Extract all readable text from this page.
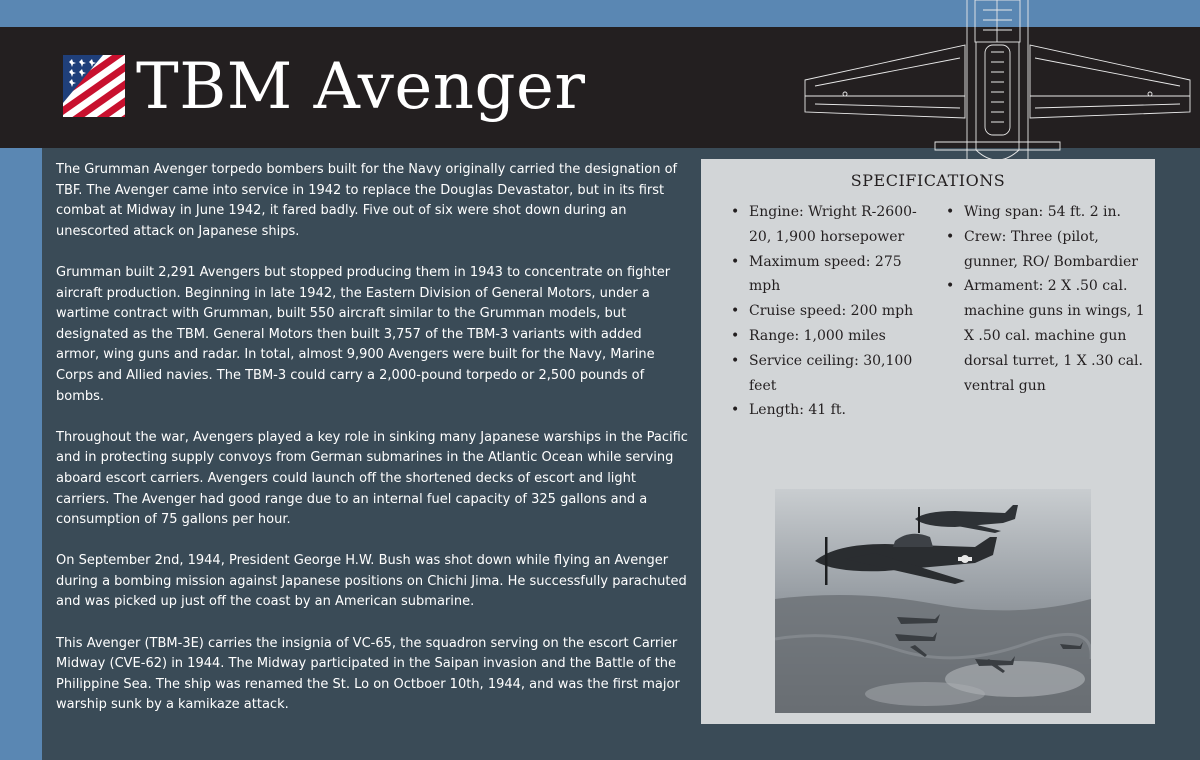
TBM Avenger

The Grumman Avenger torpedo bombers built for the Navy originally carried the designation of TBF. The Avenger came into service in 1942 to replace the Douglas Devastator, but in its first combat at Midway in June 1942, it fared badly. Five out of six were shot down during an unescorted attack on Japanese ships.

Grumman built 2,291 Avengers but stopped producing them in 1943 to concentrate on fighter aircraft production. Beginning in late 1942, the Eastern Division of General Motors, under a wartime contract with Grumman, built 550 aircraft similar to the Grumman models, but designated as the TBM. General Motors then built 3,757 of the TBM-3 variants with added armor, wing guns and radar. In total, almost 9,900 Avengers were built for the Navy, Marine Corps and Allied navies. The TBM-3 could carry a 2,000-pound torpedo or 2,500 pounds of bombs.

Throughout the war, Avengers played a key role in sinking many Japanese warships in the Pacific and in protecting supply convoys from German submarines in the Atlantic Ocean while serving aboard escort carriers. Avengers could launch off the shortened decks of escort and light carriers. The Avenger had good range due to an internal fuel capacity of 325 gallons and a consumption of 75 gallons per hour.

On September 2nd, 1944, President George H.W. Bush was shot down while flying an Avenger during a bombing mission against Japanese positions on Chichi Jima. He successfully parachuted and was picked up just off the coast by an American submarine.

This Avenger (TBM-3E) carries the insignia of VC-65, the squadron serving on the escort Carrier Midway (CVE-62) in 1944. The Midway participated in the Saipan invasion and the Battle of the Philippine Sea. The ship was renamed the St. Lo on Octboer 10th, 1944, and was the first major warship sunk by a kamikaze attack.

SPECIFICATIONS
• Engine: Wright R-2600-20, 1,900 horsepower
• Maximum speed: 275 mph
• Cruise speed: 200 mph
• Range: 1,000 miles
• Service ceiling: 30,100 feet
• Length: 41 ft.
• Wing span: 54 ft. 2 in.
• Crew: Three (pilot, gunner, RO/ Bombardier
• Armament: 2 X .50 cal. machine guns in wings, 1 X .50 cal. machine gun dorsal turret, 1 X .30 cal. ventral gun
